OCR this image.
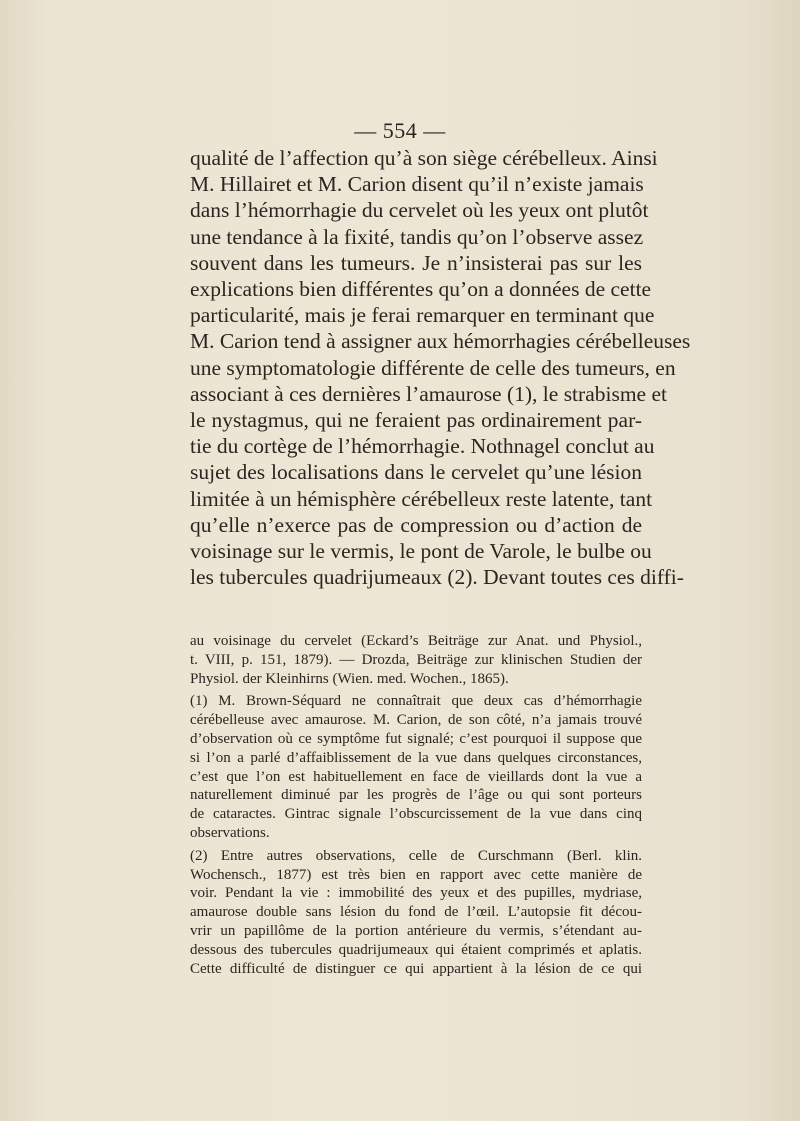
— 554 —
qualité de l’affection qu’à son siège cérébelleux. Ainsi
M. Hillairet et M. Carion disent qu’il n’existe jamais
dans l’hémorrhagie du cervelet où les yeux ont plutôt
une tendance à la fixité, tandis qu’on l’observe assez
souvent dans les tumeurs. Je n’insisterai pas sur les
explications bien différentes qu’on a données de cette
particularité, mais je ferai remarquer en terminant que
M. Carion tend à assigner aux hémorrhagies cérébelleuses
une symptomatologie différente de celle des tumeurs, en
associant à ces dernières l’amaurose (1), le strabisme et
le nystagmus, qui ne feraient pas ordinairement par-
tie du cortège de l’hémorrhagie. Nothnagel conclut au
sujet des localisations dans le cervelet qu’une lésion
limitée à un hémisphère cérébelleux reste latente, tant
qu’elle n’exerce pas de compression ou d’action de
voisinage sur le vermis, le pont de Varole, le bulbe ou
les tubercules quadrijumeaux (2). Devant toutes ces diffi-
au voisinage du cervelet (Eckard’s Beiträge zur Anat. und Physiol.,
t. VIII, p. 151, 1879). — Drozda, Beiträge zur klinischen Studien der
Physiol. der Kleinhirns (Wien. med. Wochen., 1865).
(1) M. Brown-Séquard ne connaîtrait que deux cas d’hémorrhagie
cérébelleuse avec amaurose. M. Carion, de son côté, n’a jamais trouvé
d’observation où ce symptôme fut signalé; c’est pourquoi il suppose que
si l’on a parlé d’affaiblissement de la vue dans quelques circonstances,
c’est que l’on est habituellement en face de vieillards dont la vue a
naturellement diminué par les progrès de l’âge ou qui sont porteurs
de cataractes. Gintrac signale l’obscurcissement de la vue dans cinq
observations.
(2) Entre autres observations, celle de Curschmann (Berl. klin.
Wochensch., 1877) est très bien en rapport avec cette manière de
voir. Pendant la vie : immobilité des yeux et des pupilles, mydriase,
amaurose double sans lésion du fond de l’œil. L’autopsie fit décou-
vrir un papillôme de la portion antérieure du vermis, s’étendant au-
dessous des tubercules quadrijumeaux qui étaient comprimés et aplatis.
Cette difficulté de distinguer ce qui appartient à la lésion de ce qui
